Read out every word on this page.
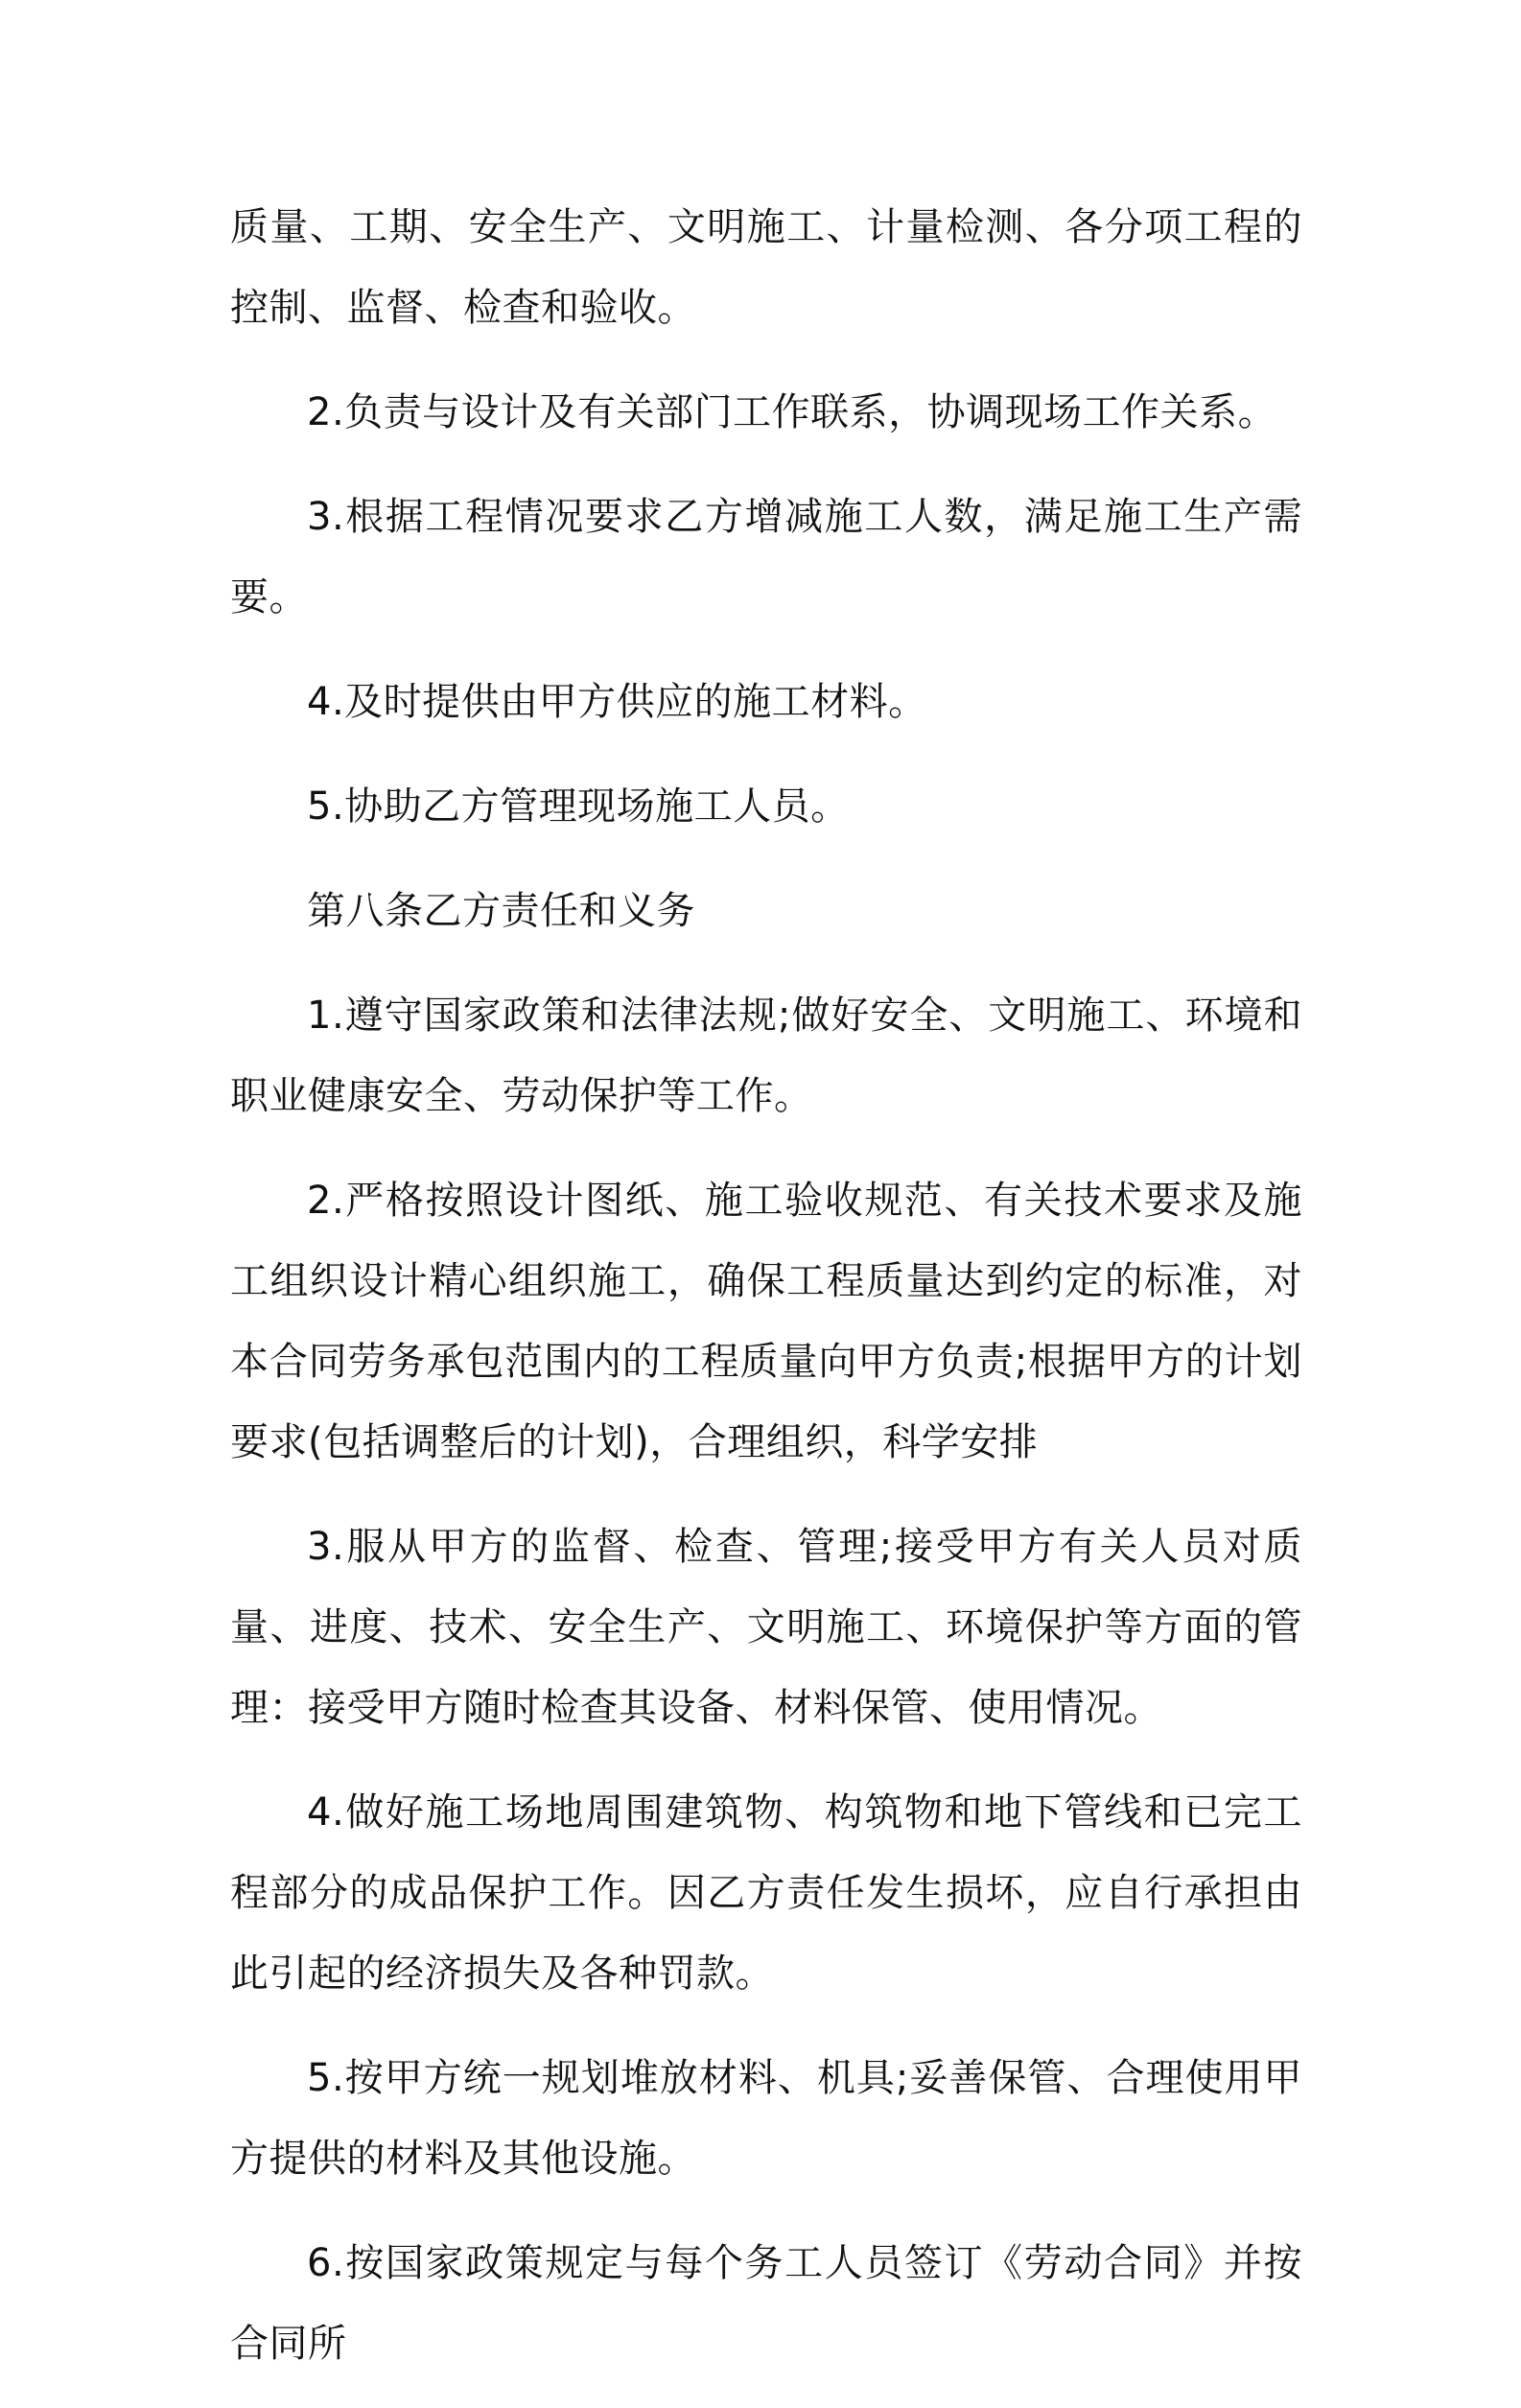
质量、工期、安全生产、文明施工、计量检测、各分项工程的控制、监督、检查和验收。

2.负责与设计及有关部门工作联系，协调现场工作关系。

3.根据工程情况要求乙方增减施工人数，满足施工生产需要。

4.及时提供由甲方供应的施工材料。

5.协助乙方管理现场施工人员。

第八条乙方责任和义务

1.遵守国家政策和法律法规;做好安全、文明施工、环境和职业健康安全、劳动保护等工作。

2.严格按照设计图纸、施工验收规范、有关技术要求及施工组织设计精心组织施工，确保工程质量达到约定的标准，对本合同劳务承包范围内的工程质量向甲方负责;根据甲方的计划要求(包括调整后的计划)，合理组织，科学安排

3.服从甲方的监督、检查、管理;接受甲方有关人员对质量、进度、技术、安全生产、文明施工、环境保护等方面的管理：接受甲方随时检查其设备、材料保管、使用情况。

4.做好施工场地周围建筑物、构筑物和地下管线和已完工程部分的成品保护工作。因乙方责任发生损坏，应自行承担由此引起的经济损失及各种罚款。

5.按甲方统一规划堆放材料、机具;妥善保管、合理使用甲方提供的材料及其他设施。

6.按国家政策规定与每个务工人员签订《劳动合同》并按合同所
